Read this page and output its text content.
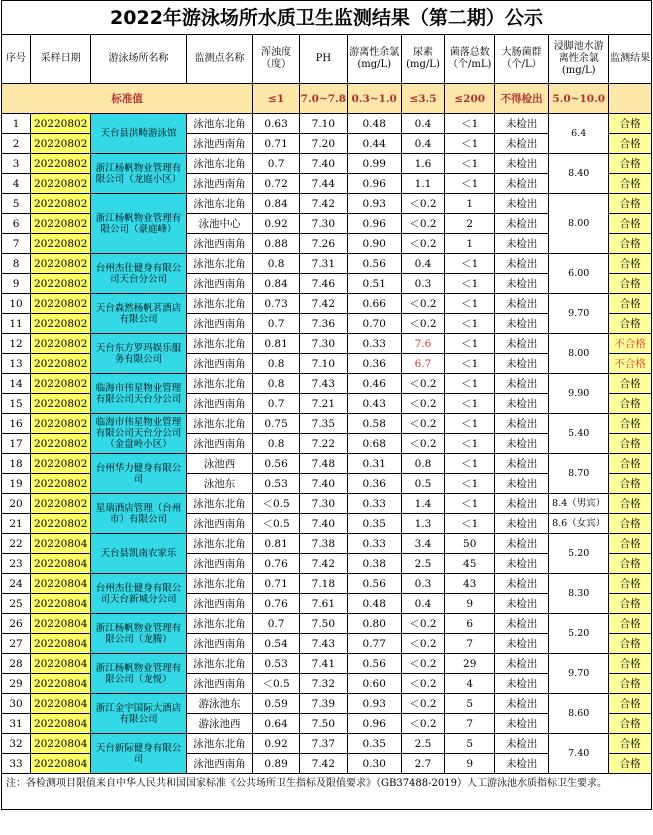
2022年游泳场所水质卫生监测结果（第二期）公示
序号	采样日期	游泳场所名称	监测点名称	浑浊度（度）	PH	游离性余氯(mg/L)	尿素(mg/L)	菌落总数（个/mL)	大肠菌群（个/L）	浸脚池水游离性余氯(mg/L)	监测结果
标准值				≤1	7.0~7.8	0.3~1.0	≤3.5	≤200	不得检出	5.0~10.0	
1	20220802	天台县洪畴游泳馆	泳池东北角	0.63	7.10	0.48	0.4	＜1	未检出	6.4	合格
2	20220802		泳池西南角	0.71	7.20	0.44	0.4	＜1	未检出		合格
3	20220802	浙江杨帆物业管理有限公司（龙庭小区）	泳池东北角	0.7	7.40	0.99	1.6	＜1	未检出	8.40	合格
4	20220802		泳池西南角	0.72	7.44	0.96	1.1	＜1	未检出		合格
5	20220802	浙江杨帆物业管理有限公司（豪庭峰）	泳池东北角	0.84	7.42	0.93	＜0.2	1	未检出	8.00	合格
6	20220802		泳池中心	0.92	7.30	0.96	＜0.2	2	未检出		合格
7	20220802		泳池西南角	0.88	7.26	0.90	＜0.2	1	未检出		合格
8	20220802	台州杰仕健身有限公司天台分公司	泳池东北角	0.8	7.31	0.56	0.4	＜1	未检出	6.00	合格
9	20220802		泳池西南角	0.84	7.46	0.51	0.3	＜1	未检出		合格
10	20220802	天台森然杨帆茗酒店有限公司	泳池东北角	0.73	7.42	0.66	＜0.2	＜1	未检出	9.70	合格
11	20220802		泳池西南角	0.7	7.36	0.70	＜0.2	＜1	未检出		合格
12	20220802	天台东方罗玛娱乐服务有限公司	泳池东北角	0.81	7.30	0.33	7.6	＜1	未检出	8.00	不合格
13	20220802		泳池西南角	0.8	7.10	0.36	6.7	＜1	未检出		不合格
14	20220802	临海市伟星物业管理有限公司天台分公司	泳池东北角	0.8	7.43	0.46	＜0.2	＜1	未检出	9.90	合格
15	20220802		泳池西南角	0.7	7.21	0.43	＜0.2	＜1	未检出		合格
16	20220802	临海市伟星物业管理有限公司天台分公司（金盘岭小区）	泳池东北角	0.75	7.35	0.58	＜0.2	＜1	未检出	5.40	合格
17	20220802		泳池西南角	0.8	7.22	0.68	＜0.2	＜1	未检出		合格
18	20220802	台州华力健身有限公司	泳池西	0.56	7.48	0.31	0.8	＜1	未检出	8.70	合格
19	20220802		泳池东	0.53	7.40	0.36	0.5	＜1	未检出		合格
20	20220802	星瑞酒店管理（台州市）有限公司	泳池东北角	＜0.5	7.30	0.33	1.4	＜1	未检出	8.4（男宾）	合格
21	20220802		泳池西南角	＜0.5	7.40	0.35	1.3	＜1	未检出	8.6（女宾）	合格
22	20220804	天台县凯南农家乐	泳池东北角	0.81	7.38	0.33	3.4	50	未检出	5.20	合格
23	20220804		泳池西南角	0.76	7.42	0.38	2.5	45	未检出		合格
24	20220804	台州杰仕健身有限公司天台新城分公司	泳池东北角	0.71	7.18	0.56	0.3	43	未检出	8.30	合格
25	20220804		泳池西南角	0.76	7.61	0.48	0.4	9	未检出		合格
26	20220804	浙江杨帆物业管理有限公司（龙腾）	泳池东北角	0.7	7.50	0.80	＜0.2	6	未检出	5.20	合格
27	20220804		泳池西南角	0.54	7.43	0.77	＜0.2	7	未检出		合格
28	20220804	浙江杨帆物业管理有限公司（龙悦）	泳池东北角	0.53	7.41	0.56	＜0.2	29	未检出	9.70	合格
29	20220804		泳池西南角	＜0.5	7.32	0.60	＜0.2	4	未检出		合格
30	20220804	浙江金宇国际大酒店有限公司	游泳池东	0.59	7.39	0.93	＜0.2	5	未检出	8.60	合格
31	20220804		游泳池西	0.64	7.50	0.96	＜0.2	7	未检出		合格
32	20220804	天台新际健身有限公司	泳池东北角	0.92	7.37	0.35	2.5	5	未检出	7.40	合格
33	20220804		泳池西南角	0.89	7.42	0.30	2.7	9	未检出		合格
注：各检测项目限值来自中华人民共和国国家标准《公共场所卫生指标及限值要求》（GB37488-2019）人工游泳池水质指标卫生要求。
